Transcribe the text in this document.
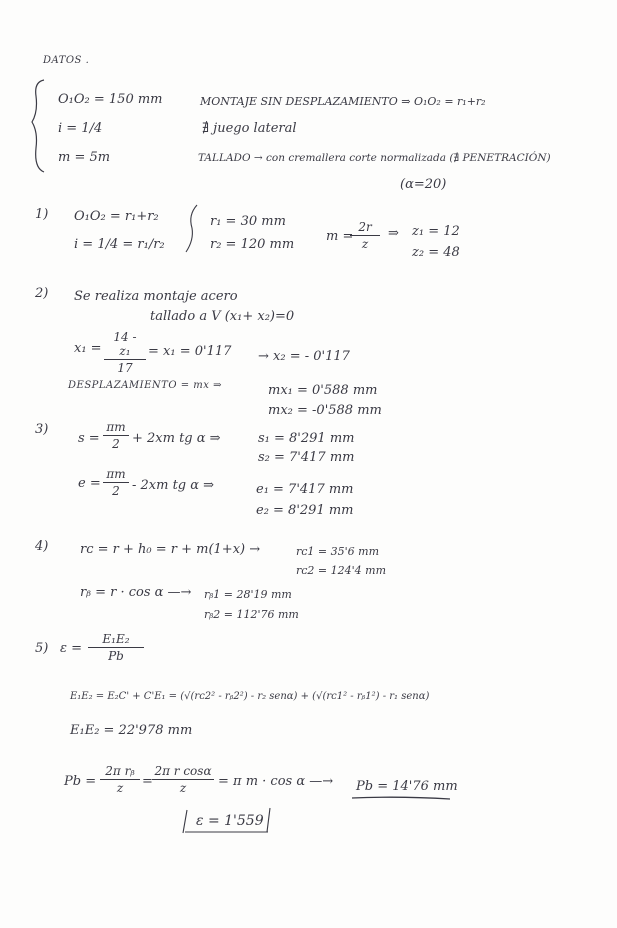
DATOS .
O₁O₂ = 150 mm
i = 1/4
m = 5m
MONTAJE SIN DESPLAZAMIENTO ⇒ O₁O₂ = r₁+r₂
∄ juego lateral
TALLADO → con cremallera corte normalizada (∄ PENETRACIÓN)
(α=20)
1) O₁O₂ = r₁+r₂
i = 1/4 = r₁/r₂
r₁ = 30 mm
r₂ = 120 mm
m =
$\frac{2r}{z}$ ⇒ z₁ = 12
z₂ = 48
2) Se realiza montaje acero
tallado a V (x₁+ x₂)=0
$x_1 = \frac{\text{14 - z₁}}{17} = x_1 = 0'117 \to x_2$ = - 0'117
DESPLAZAMIENTO = mx ⇒	mx₁ = 0'588 mm
mx₂ = -0'588 mm
3)
$s = \frac{\pi m}{2} + 2xm$ tg α ⇒	s₁ = 8'291 mm
s₂ = 7'417 mm
$e = \frac{\pi m}{2} - 2xm$ tg α ⇒	e₁ = 7'417 mm
e₂ = 8'291 mm
4) rᴄ = r + h₀ = r + m(1+x) →	rᴄ1 = 35'6 mm
rᴄ2 = 124'4 mm
rᵦ = r · cos α —→ rᵦ1 = 28'19 mm
rᵦ2 = 112'76 mm
5) $\varepsilon = \frac{\text{E₁E₂}}{Pb}$
E₁E₂ = E₂C' + C'E₁ = (√(rᴄ2² - rᵦ2²) - r₂ senα) + (√(rᴄ1² - rᵦ1²) - r₁ senα)
E₁E₂ = 22'978 mm
$Pb = \frac{\text{2π rᵦ}}{z} = \frac{\text{2π r cosα}}{z} = \pi$ m · cos α —→ Pb = 14'76 mm
ε = 1'559
